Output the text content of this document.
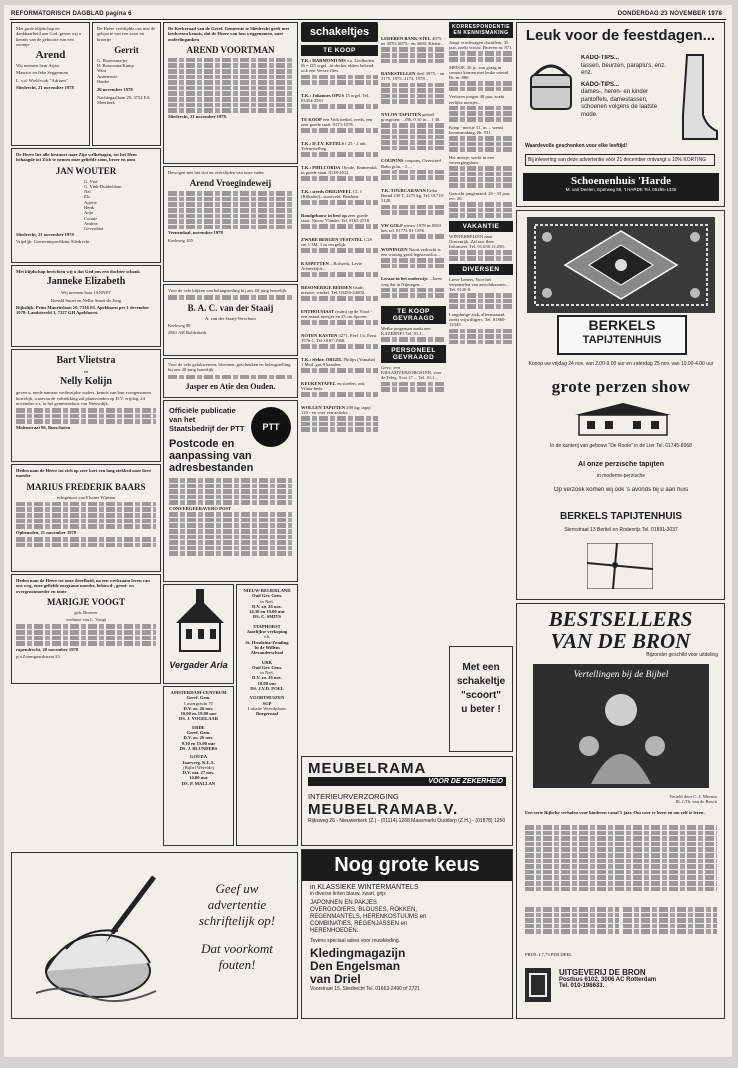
REFORMATORISCH DAGBLAD pagina 6	DONDERDAG 23 NOVEMBER 1978

Met grote blijdschap en dankbaarheid aan God, geven wij u kennis van de geboorte van een zoontje

Arend

Wij noemen hem Arjan.

Maurice en Jeke Seggerman

L. v.d. Wielt/vork "Adrium"

Sliedrecht, 21 november 1978

De Heere liet alle bestuurt naar Zijn welbehagen, tot het Hem behaagde tot Zich te nemen onze geliefde zoon, broer en oom

JAN WOUTER
G. Visé
G. Vink-Dubbeldam
Nel
Els
Arjette
Henk
Anja
Connie
Andrea
Geverdina

Sliedrecht, 21 november 1978

Vrijelijk: Gemeentepredikant Sliedrecht.

Met blijdschap berichten wij u dat God ons een dochter schonk

Janneke Elizabeth

Wij noemen haar JANNET

Ronald Snoei en Nellie Snoei-de Jong

Rijkslijk: Prins Mauritslaan 10, 7316 EL Apeldoorn per 1 december 1978: Landsteveld 3, 7327 GH Apeldoorn.

Bart Vlietstra
en
Nelly Kolijn

geven u, mede namens wederzijdse ouders, kennis van hun voorgenomen huwelijk, waarvan de voltrekking zal plaatsvinden op D.V. vrijdag, 24 november a.s. in het gemeentehuis van Nieuwdijk.

Molenstraat 86, Busschoten

Heden nam de Heere tot zich op zeer kort een lang ziekbed onze lieve moeder

MARIUS FREDERIK BAARS

echtgenoot van Elssine Wijman

Opheusden, 21 november 1978

Heden nam de Heere tot onze droefheid, na een werkzaam leven van ons weg, onze geliefde zorgzame moeder, behuwd-, groot- en overgrootmoeder en tante

MARIGJE VOOGT

geb. Bouwer

weduwe van L. Voogt

rapendrecht, 20 november 1978

p/a Zoomgaardstraat 33.

De Heere verblijdde ons met de geboorte van een zoon en broertje

Gerrit
G. Boomsma/jer
H. Boomsma/Kamp
Wim
Annemarie
Hanke

20 november 1978

Nachtegaallaan 29, 3752 EA Meerkerk

De Kerkeraad van de Geref. Gemeente te Sliedrecht geeft met leedwezen kennis, dat de Heere van hen weggenomen, onze ouderlinganken

AREND VOORTMAN

Sliedrecht, 21 november 1978.

Bewogen met het slot en overslijden van onze vader

Arend Vroegindeweij

Veenendaal, november 1978

Kerkweg 105

Voor de vele blijken van belangstelling bij ons 40-jarig huwelijk

B. A. C. van der Staaij

A. van der Staaij-Verschoor

Kerkweg 88

2861 AH Bolderkerk

Voor de vele gelukwensen, bloemen, geschenken en belangstelling bij ons 40-jarig huwelijk

Jasper en Atie den Ouden.
PTT
Officiële publicatie
van het
Staatsbedrijf der PTT
Postcode en
aanpassing van
adresbestanden
CONVERGEERAVERO POST
Vergader Aria
AMSTERDAM-CENTRUM
Geref. Gem.
Lostergracht 70
D.V. zo. 26 nov.
10.00 en 19.00 uur
DS. J. VOGELAAR
ERDE
Geref. Gem.
D.V. zo. 26 nov.
9.30 en 15.00 uur
DS. J. BLUNDERS
GOUDA
Jaarverg. K.L.S.
(Bijbel Wereldo)
D.V. ma. 27 nov.
14.00 uur
DS. P. MALLAN
NIEUW-BEIJERLAND
Oud Ger. Gem.
in Ned.
D.V. zo. 26 nov.
14.30 en 19.00 uur
DS. C. SMITS
STAPHORST
Jaarlijkse verkoping
v.h.
St. Hendrina-Zending
In de Willem Alexanderschool
URK
Oud Ger. Gem.
in Ned.
D.V. zo. 26 nov.
10.00 uur
DS. J.V.D. POEL
VOORTHUIZEN
SGP
Lokatie Woerdplaats
Burgerzaal
schakeltjes
TE KOOP
T.K.: HARMONIUMS v.a. Liedboden f6 = f25 orgel...in decker elders bekend, ook een Verses-flies.
T.K.: Johannes OPUS 15 orgel. Tel. 03454-2561
TE KOOP een Volk kerkel, reeds, een zeer goede staat. 0173-1078.
T.K.: D.T.V. KETELS f 25 - 2 inh. Teleurstelling.
T.K.: PHILCORDA 16rode, Emmendal, in goede staat. 0138-4012.
T.K.: steeds ORIGINEEL CL 1 (Bilknitel)...stootveld. Bradtaar.
Rondgebouw in best op zeer goede staat. Nieuw Vlinder. Tel. 0165-2518.
ZWARE BERGEN TESTSTEL C2S cm 1.3M, 1 m cm gelijk.
KASPETTEN ...Bolwerk, Lavie Achterkijck...
RESONERIGE BEDDEN Oude, nieuwe, winkel. Tel. 03450-24000.
ENTHOUSIAST (ruim) op de Viool - een aantal meisjes en 25 cm Sporen.
NOTEN KASTEN 3271, Feel 1 h. Eerst 1976-1. Tel. 0167-1968.
T.K.: elektr. ORGEL Philips (Yamaha) 1 Mod. gas 9 kanalen.
KEUKENTAFEL en stoelen, ook Vilma-beds.
WOLLEN TAPIJTEN 200 kg; tapijt 120 - en voor een antieke...
LEDEREN BANK-STEL 4975, - en 3070; 6975;- en 3680; Kleine...
BANKSTELLEN Seel 3975, - en 2175, 1975, 2173, 1978...
NYLON TAPIJTEN geheel grasgroen: ...f80, 0.10 in ... f 30.
COUPONS coupons, Oversized Bahn goin, - 2 ...
T.K. TOURCARAVAN Eriba Bernd 230 T, 2275 kg, Tel. 01710-5128.
VW GOLF nieuw 1978 in 8500 km, tel. 01774 03-1356.
WONINGEN Nooit verkocht is een woning goed legeneuwlos...
Leraar in het onderwijs ...Jaren weg dat in Nijmegen...
TE KOOP GEVRAAGD
Welke jongeman zoekt een KAZERNE? Tel. 01.1...
PERSONEEL GEVRAAGD
Gevr.: een KRAAMVERZORGSTER, voor de Teleg. 9 tot 17 ... Tel. 01.1...
KORRESPONDENTIE EN KENNISMAKING
Jonge vrachwagen chauffeur, 35 jaar, zoekt vrouw. Brieven nr. 871.
MEISJE, 26 jr., zou graag in contact komen met leuke vriend. Br. nr. 880.
Verloren jongen 48 jaar, zoekt eerlijke meisjes...
Knap - meisje 31, in ... wenst kennismaking. Br. 931.
Het meisje, werkt in een verzorgingshuis.
Gezocht jongemand, 26 - 33 jaar, evt. 26.
VAKANTIE
WINTERREIZEN naar Oostenrijk. Zal ons fleer. Informeer. Tel. 01.650 11.030.
DIVERSEN
Lieve Leners, Voor het verzamelen van ansichtkaarten... Tel. 0120-8.
Langdurige ziek, alleenstaand, zoekt vrijwilligers. Tel. 01860-12345.
Met een
schakeltje
"scoort"
u beter !
MEUBELRAMA
VOOR DE ZEKERHEID
INTERIEURVERZORGING
MEUBELRAMAB.V.
Rijksweg 26 - Nieuwerkerk (Z.) - (01114) 1268 Maasmarkt Ouddorp (Z.H.) - (01878) 1250
Nog grote keus
in KLASSIEKE WINTERMANTELS
in diverse tinten blauw, zwart, grijs
JAPONNEN EN PAKJES
OVERGOOIERS, BLOUSES, ROKKEN,
REGENMANTELS, HERENKOSTUUMS en
COMBINATIES, REGENJASSEN en
HERENHOEDEN.
Tevens speciaal adres voor rouwkleding.
Kledingmagazijn
Den Engelsman
van Driel
Voorstraat 15, Sliedrecht Tel. 01663-2490 of 2721
Geef uw
advertentie
schriftelijk op!
Dat voorkomt
fouten!
Leuk voor de feestdagen...
KADO-TIPS...
tassen, beurzen, paraplu's, enz. enz.
KADO-TIPS...
dames-, heren- en kinder pantoffels, damestassen, schoenen volgens de laatste mode.
Waardevolle geschenken voor elke leeftijd!
Bij inlevering van deze advertentie vóór 21 december ontvangt u 10% KORTING
Schoenenhuis 'Harde
M. van Deelen, Eperweg 59, 't HARDE Tel. 05255-1335
BERKELS
TAPIJTENHUIS
Kooop uw vrijdag 24 nov. van 2.00-9.00 uur en zaterdag 25 nov. van 10.00-4.00 uur
grote perzen show
In de kanterij van gebouw "De Rooie" in de Lier Tel. 01745-8068
Al onze perzische tapijten
in moderne-perzische
Op verzoek komen wij ook 's avonds bij u aan huis
BERKELS TAPIJTENHUIS
Sternstraat 13 Berkel en Rodenrijs Tel. 01891-3037
BESTSELLERS
VAN DE BRON
Bijzonder geschikt voor uitdeling
Vertellingen bij de Bijbel
Verteld door C. J. Meeuse
Ill. J.Th. van de Bosch
Een serie Bijbelse verhalen voor kinderen vanaf 5 jaar. Om voor te lezen en om zelf te lezen.
PRIJS: f 7,75 PER DEEL
UITGEVERIJ DE BRON
Postbus 6102, 3006 AC Rotterdam
Tel. 010-198633.
